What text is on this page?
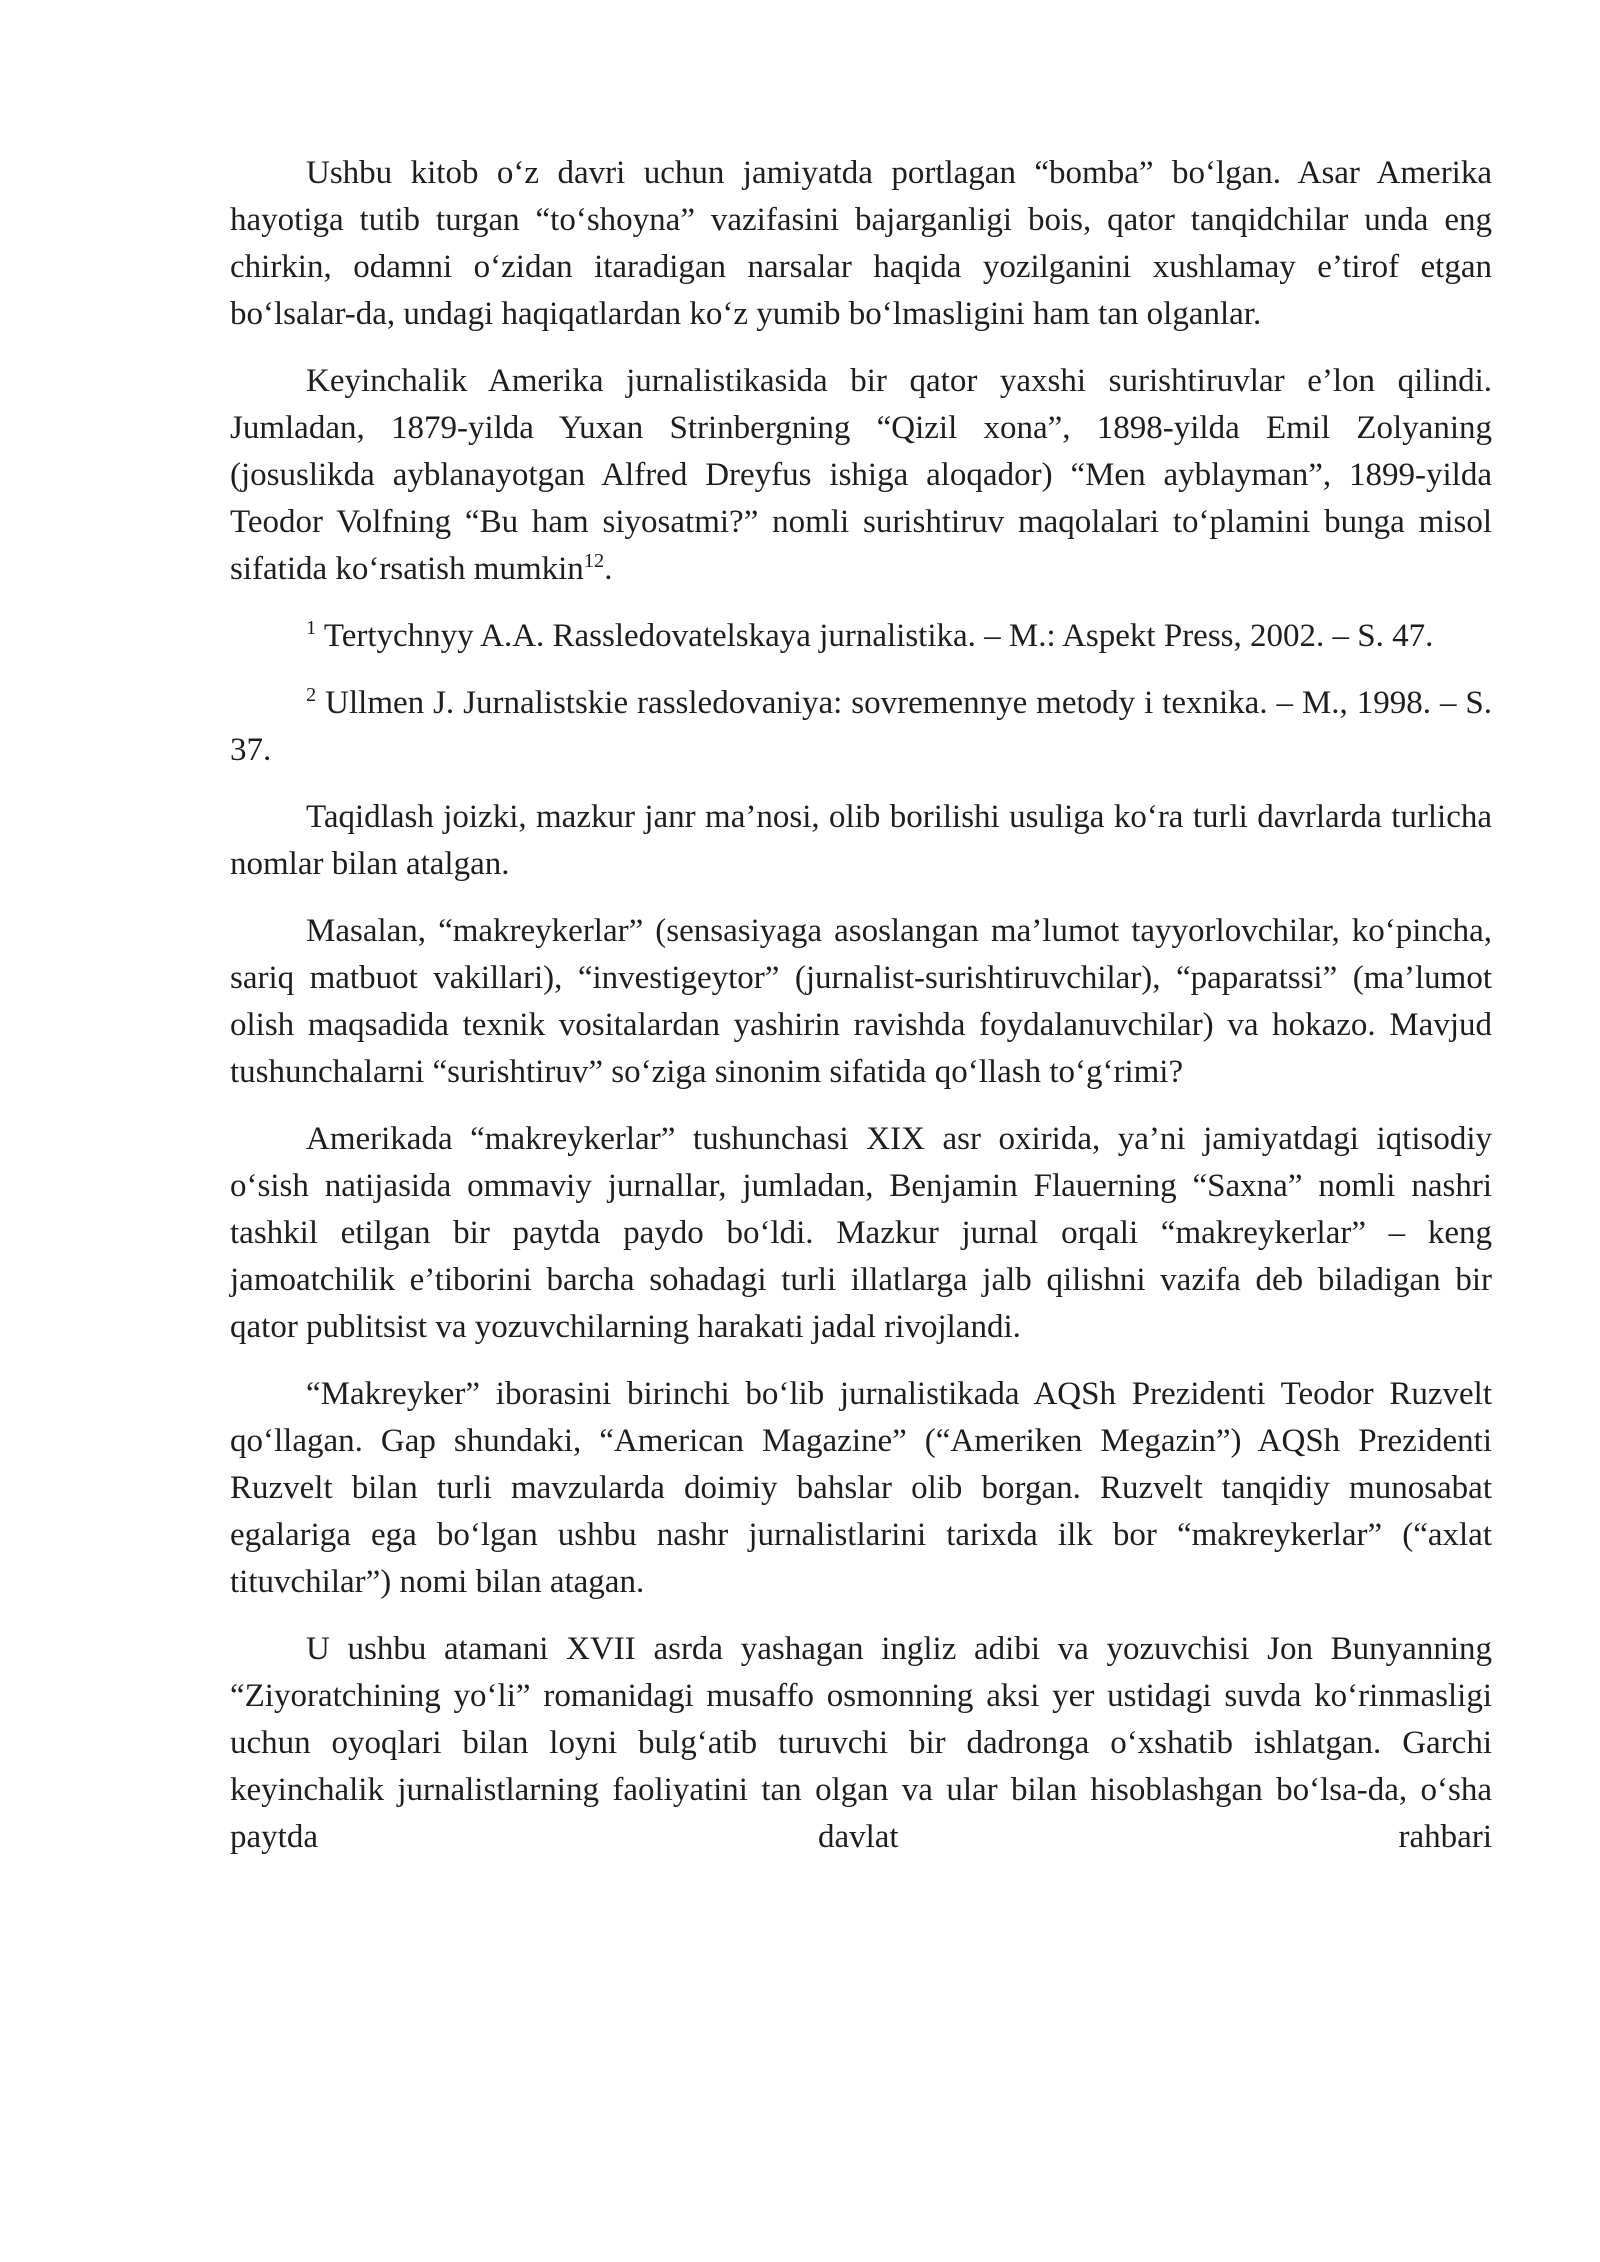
Ushbu kitob o‘z davri uchun jamiyatda portlagan “bomba” bo‘lgan. Asar Amerika hayotiga tutib turgan “to‘shoyna” vazifasini bajarganligi bois, qator tanqidchilar unda eng chirkin, odamni o‘zidan itaradigan narsalar haqida yozilganini xushlamay e’tirof etgan bo‘lsalar-da, undagi haqiqatlardan ko‘z yumib bo‘lmasligini ham tan olganlar.

Keyinchalik Amerika jurnalistikasida bir qator yaxshi surishtiruvlar e’lon qilindi. Jumladan, 1879-yilda Yuxan Strinbergning “Qizil xona”, 1898-yilda Emil Zolyaning (josuslikda ayblanayotgan Alfred Dreyfus ishiga aloqador) “Men ayblayman”, 1899-yilda Teodor Volfning “Bu ham siyosatmi?” nomli surishtiruv maqolalari to‘plamini bunga misol sifatida ko‘rsatish mumkin$^{12}$.

$^1$ Tertychnyy A.A. Rassledovatelskaya jurnalistika. – M.: Aspekt Press, 2002. – S. 47.

$^2$ Ullmen J. Jurnalistskie rassledovaniya: sovremennye metody i texnika. – M., 1998. – S. 37.

Taqidlash joizki, mazkur janr ma’nosi, olib borilishi usuliga ko‘ra turli davrlarda turlicha nomlar bilan atalgan.

Masalan, “makreykerlar” (sensasiyaga asoslangan ma’lumot tayyorlovchilar, ko‘pincha, sariq matbuot vakillari), “investigeytor” (jurnalist-surishtiruvchilar), “paparatssi” (ma’lumot olish maqsadida texnik vositalardan yashirin ravishda foydalanuvchilar) va hokazo. Mavjud tushunchalarni “surishtiruv” so‘ziga sinonim sifatida qo‘llash to‘g‘rimi?

Amerikada “makreykerlar” tushunchasi XIX asr oxirida, ya’ni jamiyatdagi iqtisodiy o‘sish natijasida ommaviy jurnallar, jumladan, Benjamin Flauerning “Saxna” nomli nashri tashkil etilgan bir paytda paydo bo‘ldi. Mazkur jurnal orqali “makreykerlar” – keng jamoatchilik e’tiborini barcha sohadagi turli illatlarga jalb qilishni vazifa deb biladigan bir qator publitsist va yozuvchilarning harakati jadal rivojlandi.

“Makreyker” iborasini birinchi bo‘lib jurnalistikada AQSh Prezidenti Teodor Ruzvelt qo‘llagan. Gap shundaki, “American Magazine” (“Ameriken Megazin”) AQSh Prezidenti Ruzvelt bilan turli mavzularda doimiy bahslar olib borgan. Ruzvelt tanqidiy munosabat egalariga ega bo‘lgan ushbu nashr jurnalistlarini tarixda ilk bor “makreykerlar” (“axlat tituvchilar”) nomi bilan atagan.

U ushbu atamani XVII asrda yashagan ingliz adibi va yozuvchisi Jon Bunyanning “Ziyoratchining yo‘li” romanidagi musaffo osmonning aksi yer ustidagi suvda ko‘rinmasligi uchun oyoqlari bilan loyni bulg‘atib turuvchi bir dadronga o‘xshatib ishlatgan. Garchi keyinchalik jurnalistlarning faoliyatini tan olgan va ular bilan hisoblashgan bo‘lsa-da, o‘sha paytda davlat rahbari
